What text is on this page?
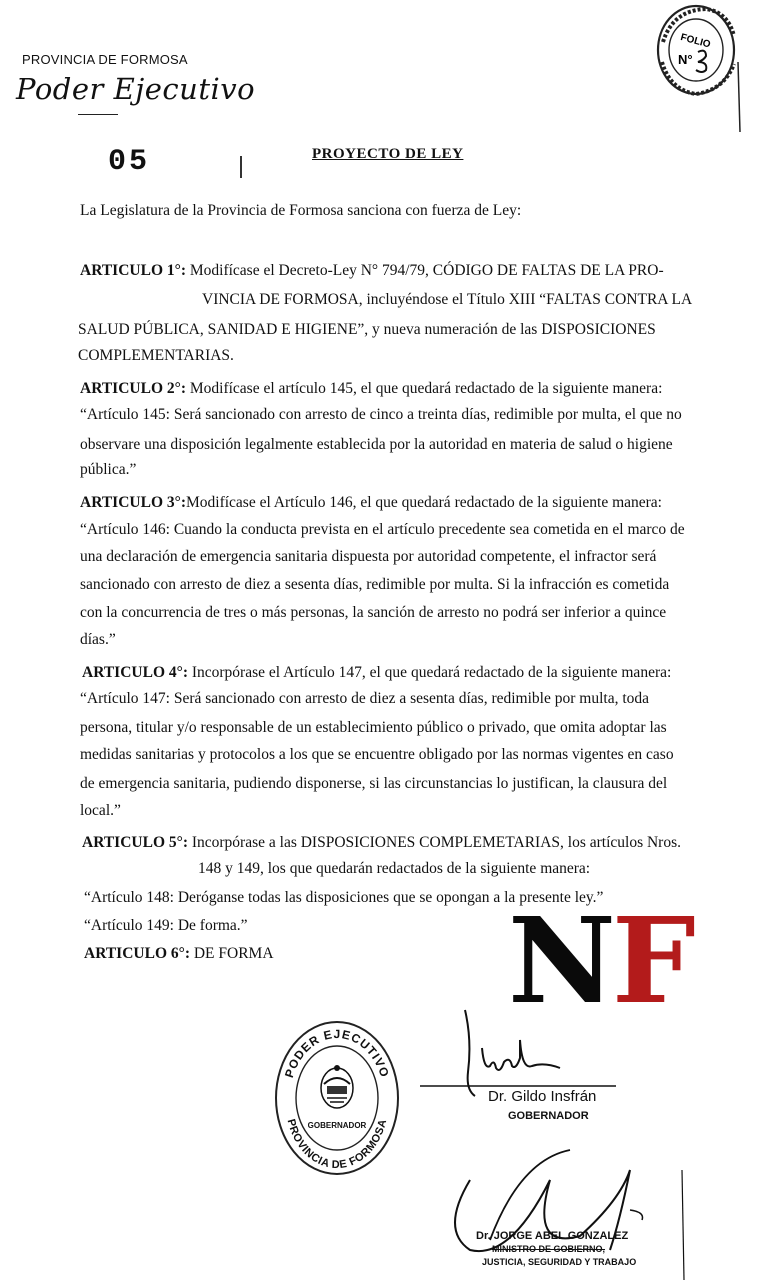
PROVINCIA DE FORMOSA
Poder Ejecutivo
FOLIO
N°
05	PROYECTO DE LEY
La Legislatura de la Provincia de Formosa sanciona con fuerza de Ley:
ARTICULO 1°: Modifícase el Decreto-Ley N° 794/79, CÓDIGO DE FALTAS DE LA PRO-
VINCIA DE FORMOSA, incluyéndose el Título XIII “FALTAS CONTRA LA
SALUD PÚBLICA, SANIDAD E HIGIENE”, y nueva numeración de las DISPOSICIONES
COMPLEMENTARIAS.
ARTICULO 2°: Modifícase el artículo 145, el que quedará redactado de la siguiente manera:
“Artículo 145: Será sancionado con arresto de cinco a treinta días, redimible por multa, el que no
observare una disposición legalmente establecida por la autoridad en materia de salud o higiene
pública.”
ARTICULO 3°:Modifícase el Artículo 146, el que quedará redactado de la siguiente manera:
“Artículo 146: Cuando la conducta prevista en el artículo precedente sea cometida en el marco de
una declaración de emergencia sanitaria dispuesta por autoridad competente, el infractor será
sancionado con arresto de diez a sesenta días, redimible por multa. Si la infracción es cometida
con la concurrencia de tres o más personas, la sanción de arresto no podrá ser inferior a quince
días.”
ARTICULO 4°: Incorpórase el Artículo 147, el que quedará redactado de la siguiente manera:
“Artículo 147: Será sancionado con arresto de diez a sesenta días, redimible por multa, toda
persona, titular y/o responsable de un establecimiento público o privado, que omita adoptar las
medidas sanitarias y protocolos a los que se encuentre obligado por las normas vigentes en caso
de emergencia sanitaria, pudiendo disponerse, si las circunstancias lo justifican, la clausura del
local.”
ARTICULO 5°: Incorpórase a las DISPOSICIONES COMPLEMETARIAS, los artículos Nros.
148 y 149, los que quedarán redactados de la siguiente manera:
“Artículo 148: Deróganse todas las disposiciones que se opongan a la presente ley.”
“Artículo 149: De forma.”
ARTICULO 6°: DE FORMA NF
PODER EJECUTIVO
PROVINCIA DE FORMOSA
GOBERNADOR
Dr. Gildo Insfrán
GOBERNADOR
Dr. JORGE ABEL GONZALEZ
MINISTRO DE GOBIERNO,
JUSTICIA, SEGURIDAD Y TRABAJO
